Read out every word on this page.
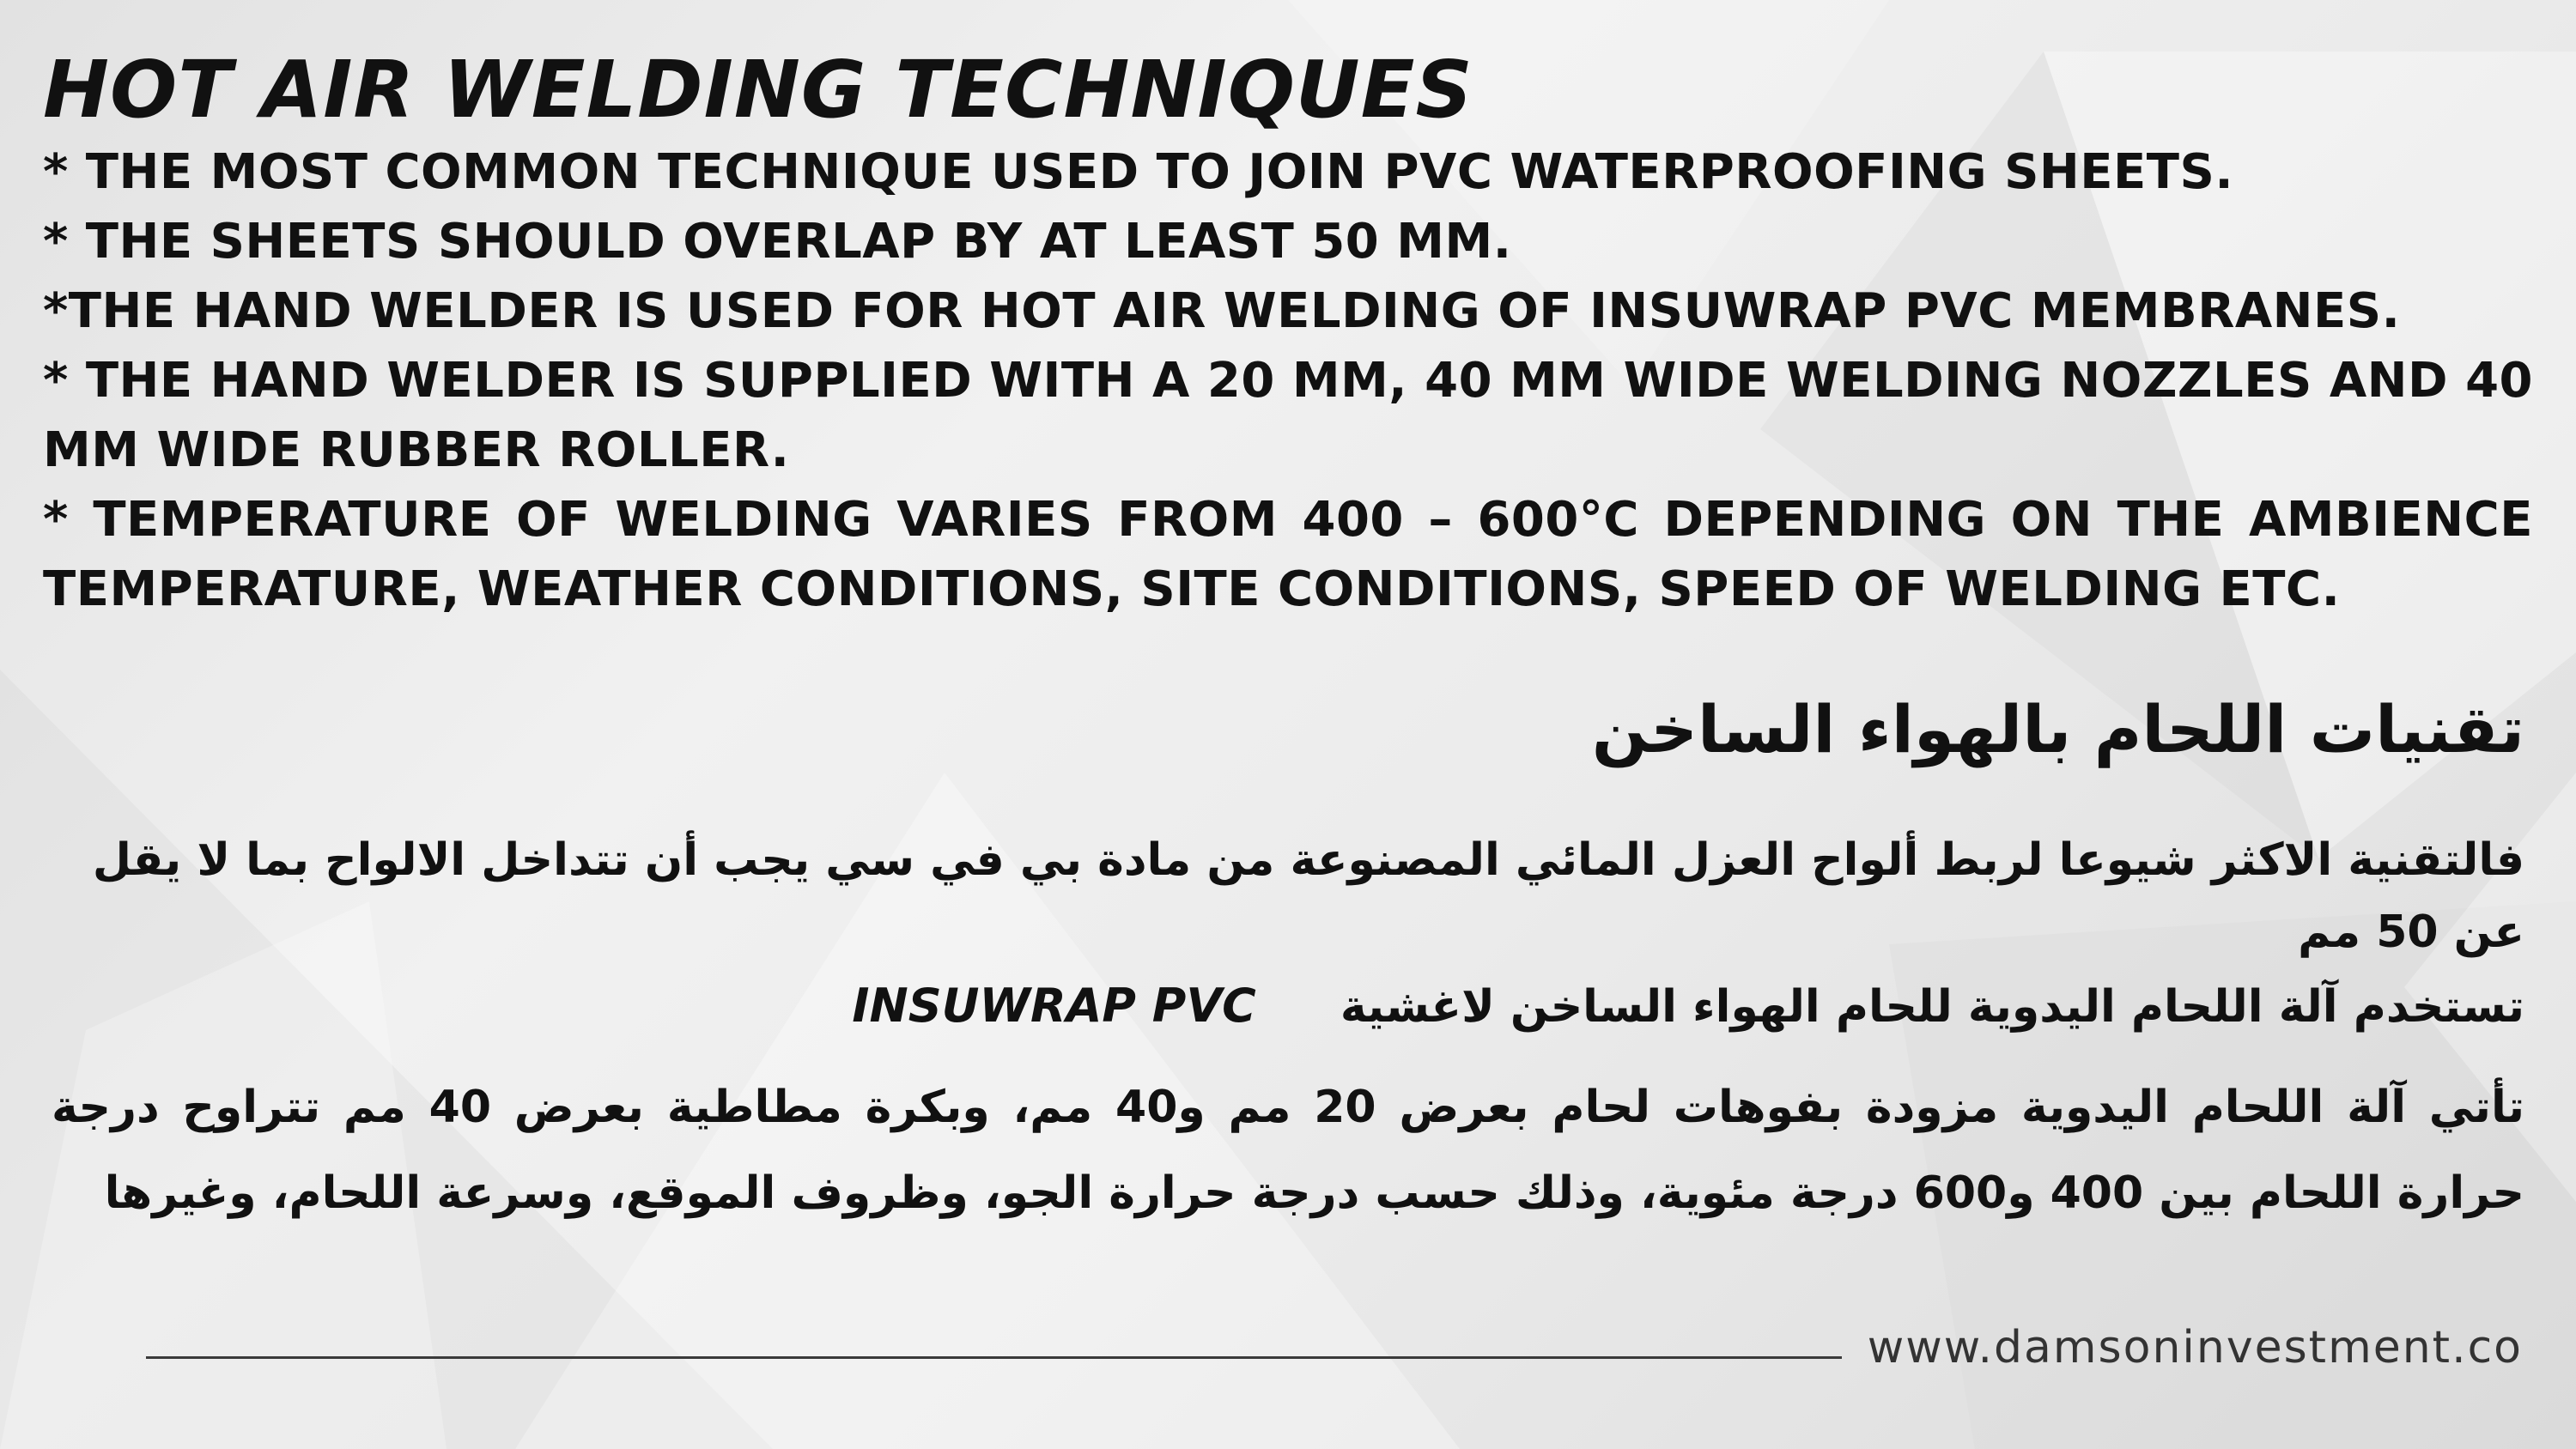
HOT AIR WELDING TECHNIQUES
* THE MOST COMMON TECHNIQUE USED TO JOIN PVC WATERPROOFING SHEETS.
* THE SHEETS SHOULD OVERLAP BY AT LEAST 50 MM.
*THE HAND WELDER IS USED FOR HOT AIR WELDING OF INSUWRAP PVC MEMBRANES.
* THE HAND WELDER IS SUPPLIED WITH A 20 MM, 40 MM WIDE WELDING NOZZLES AND 40 MM WIDE RUBBER ROLLER.
* TEMPERATURE OF WELDING VARIES FROM 400 – 600°C DEPENDING ON THE AMBIENCE TEMPERATURE, WEATHER CONDITIONS, SITE CONDITIONS, SPEED OF WELDING ETC.
تقنيات اللحام بالهواء الساخن
فالتقنية الاكثر شيوعا لربط ألواح العزل المائي المصنوعة من مادة بي في سي يجب أن تتداخل الالواح بما لا يقل عن 50 مم
تستخدم آلة اللحام اليدوية للحام الهواء الساخن لاغشية INSUWRAP PVC
تأتي آلة اللحام اليدوية مزودة بفوهات لحام بعرض 20 مم و40 مم، وبكرة مطاطية بعرض 40 مم تتراوح درجة حرارة اللحام بين 400 و600 درجة مئوية، وذلك حسب درجة حرارة الجو، وظروف الموقع، وسرعة اللحام، وغيرها
www.damsoninvestment.co
